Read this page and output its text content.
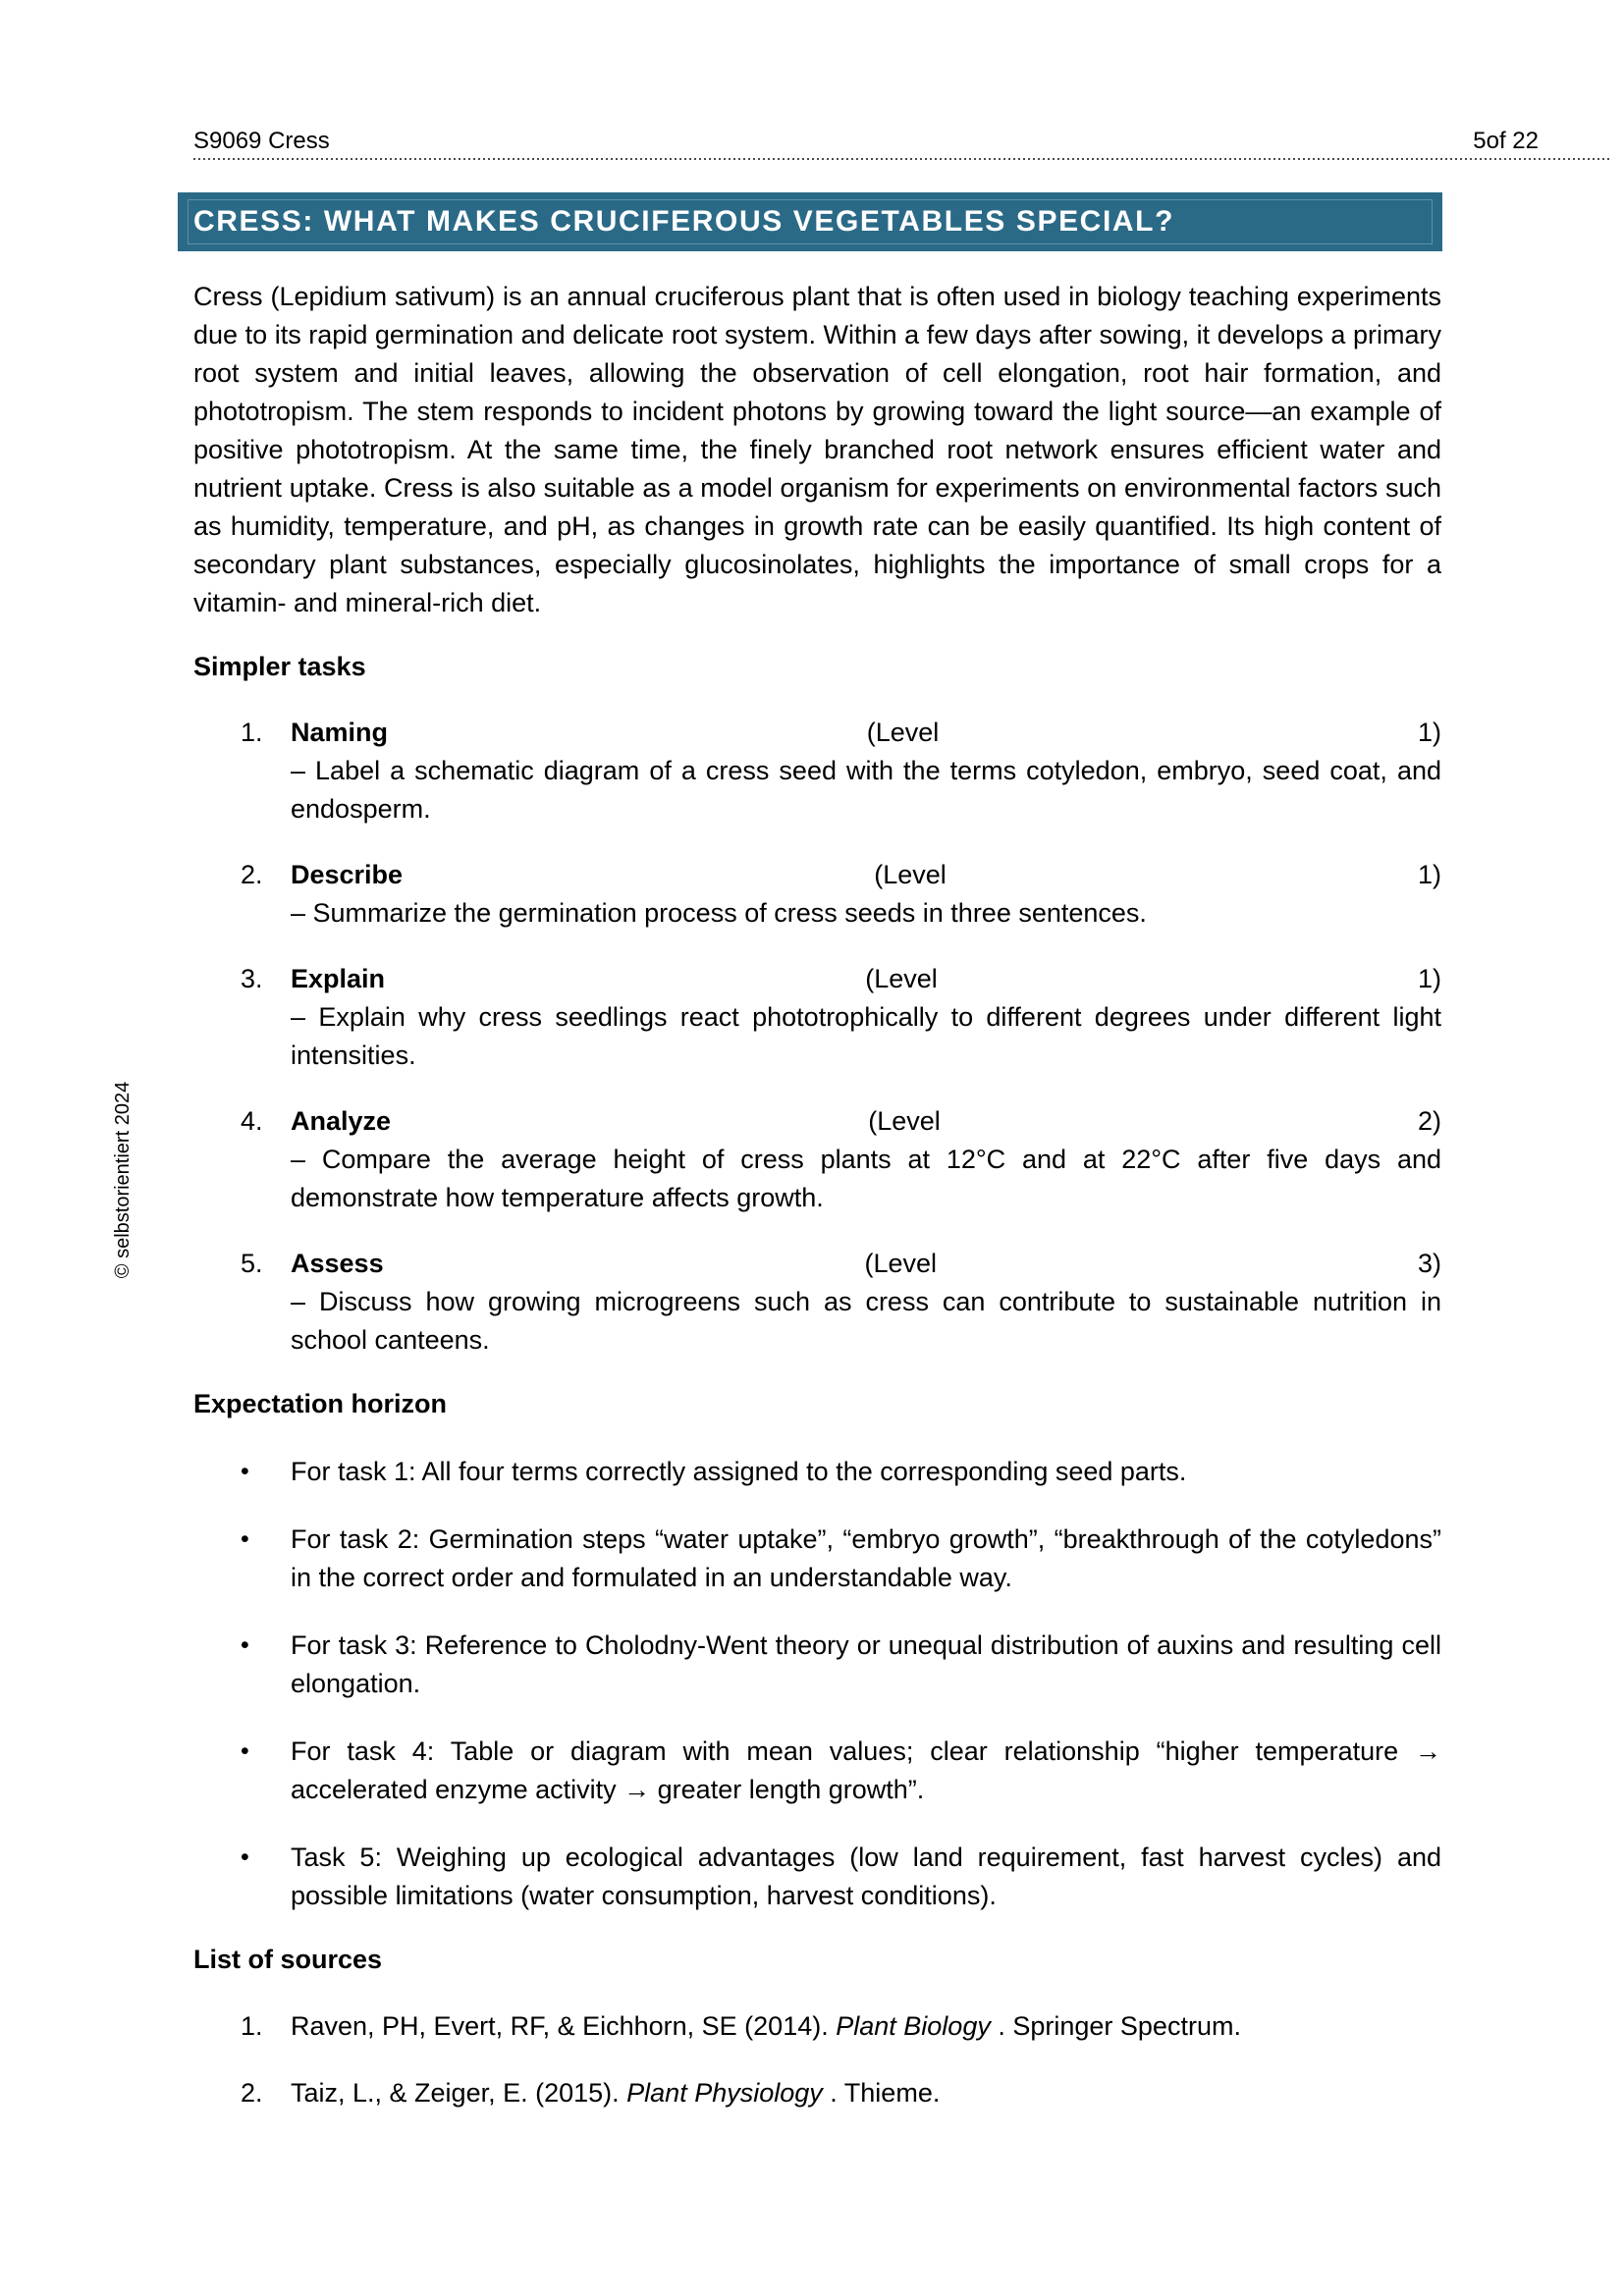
S9069 Cress	5of 22
CRESS: WHAT MAKES CRUCIFEROUS VEGETABLES SPECIAL?

Cress (Lepidium sativum) is an annual cruciferous plant that is often used in biology teaching experiments due to its rapid germination and delicate root system. Within a few days after sowing, it develops a primary root system and initial leaves, allowing the observation of cell elongation, root hair formation, and phototropism. The stem responds to incident photons by growing toward the light source—an example of positive phototropism. At the same time, the finely branched root network ensures efficient water and nutrient uptake. Cress is also suitable as a model organism for experiments on environmental factors such as humidity, temperature, and pH, as changes in growth rate can be easily quantified. Its high content of secondary plant substances, especially glucosinolates, highlights the importance of small crops for a vitamin- and mineral-rich diet.

Simpler tasks
1.	Naming	(Level	1)
– Label a schematic diagram of a cress seed with the terms cotyledon, embryo, seed coat, and endosperm.
2.	Describe	(Level	1)
– Summarize the germination process of cress seeds in three sentences.
3.	Explain	(Level	1)
– Explain why cress seedlings react phototrophically to different degrees under different light intensities.
4.	Analyze	(Level	2)
– Compare the average height of cress plants at 12°C and at 22°C after five days and demonstrate how temperature affects growth.
5.	Assess	(Level	3)
– Discuss how growing microgreens such as cress can contribute to sustainable nutrition in school canteens.
Expectation horizon
•	For task 1: All four terms correctly assigned to the corresponding seed parts.
•	For task 2: Germination steps “water uptake”, “embryo growth”, “breakthrough of the cotyledons” in the correct order and formulated in an understandable way.
•	For task 3: Reference to Cholodny-Went theory or unequal distribution of auxins and resulting cell elongation.
•	For task 4: Table or diagram with mean values; clear relationship “higher temperature → accelerated enzyme activity → greater length growth”.
•	Task 5: Weighing up ecological advantages (low land requirement, fast harvest cycles) and possible limitations (water consumption, harvest conditions).
List of sources
1.	Raven, PH, Evert, RF, & Eichhorn, SE (2014). Plant Biology . Springer Spectrum.
2.	Taiz, L., & Zeiger, E. (2015). Plant Physiology . Thieme.
© selbstorientiert 2024
